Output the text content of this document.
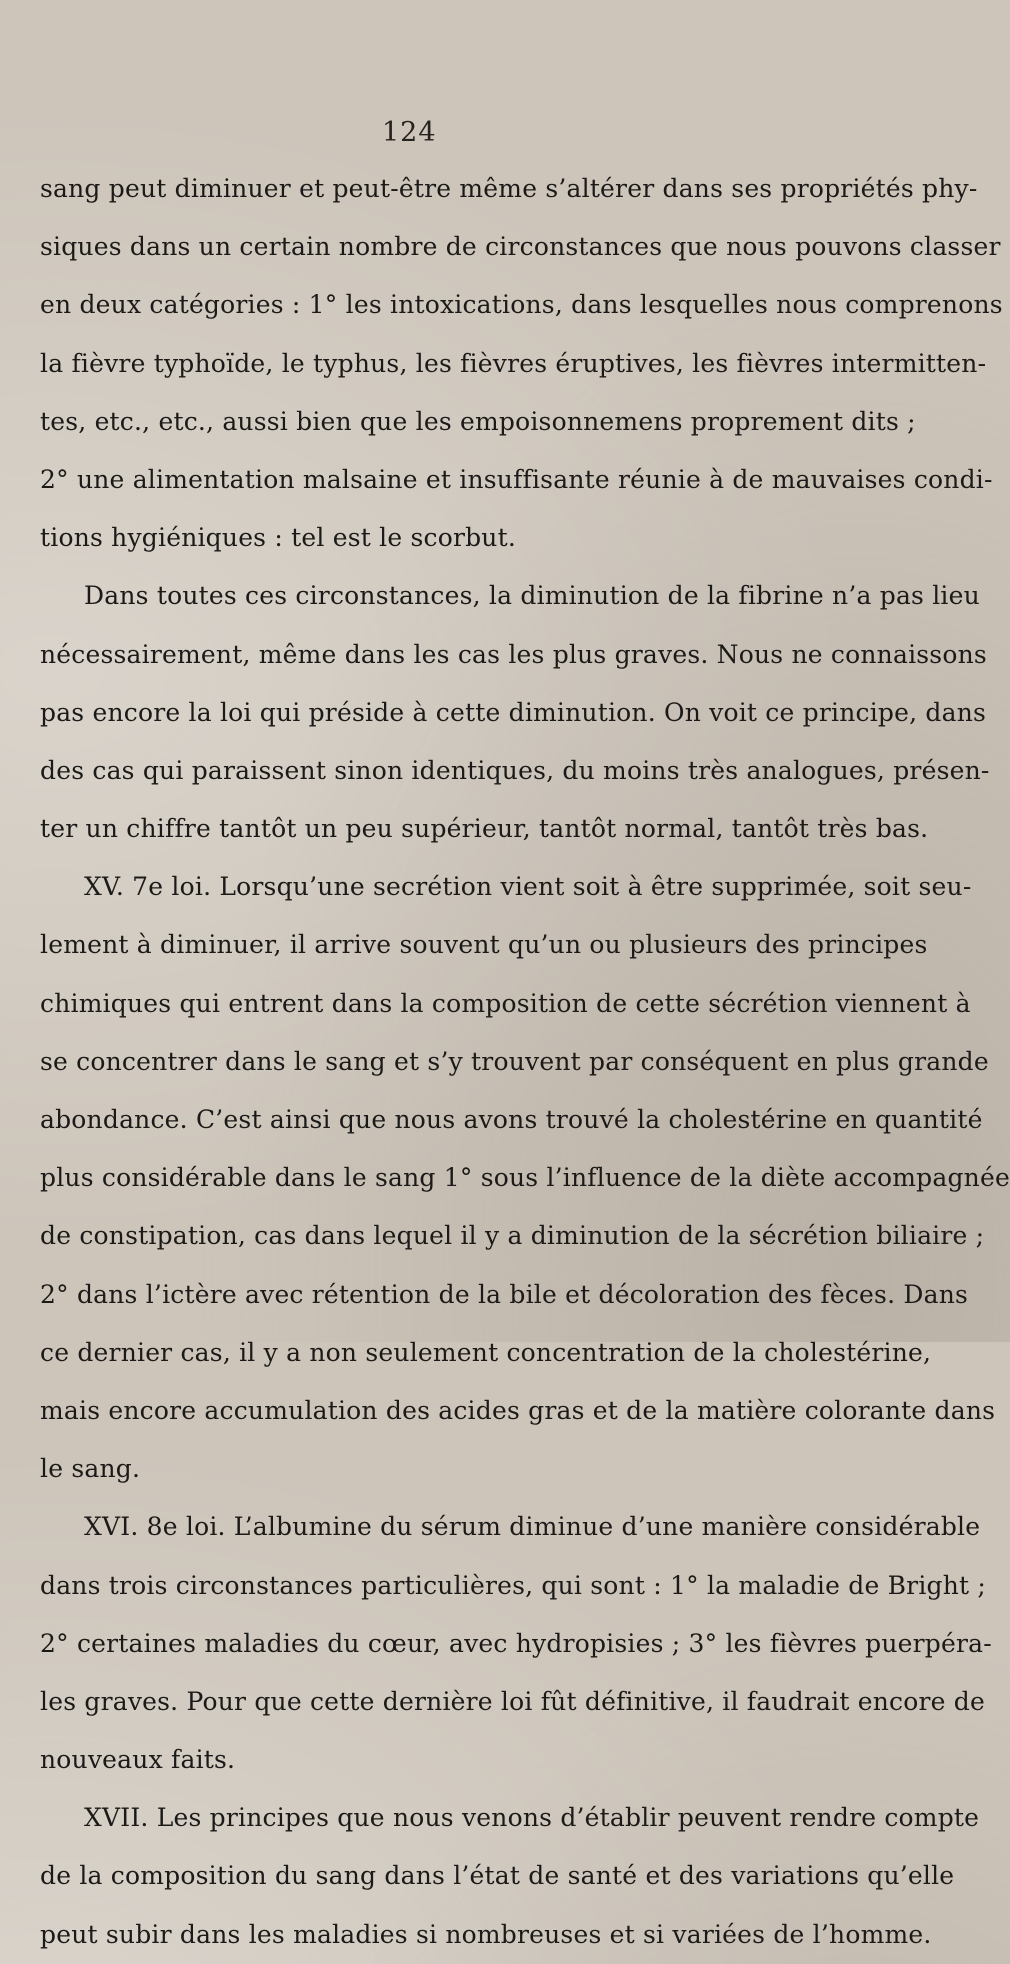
124
sang peut diminuer et peut-être même s’altérer dans ses propriétés phy-
siques dans un certain nombre de circonstances que nous pouvons classer
en deux catégories : 1° les intoxications, dans lesquelles nous comprenons
la fièvre typhoïde, le typhus, les fièvres éruptives, les fièvres intermitten-
tes, etc., etc., aussi bien que les empoisonnemens proprement dits ;
2° une alimentation malsaine et insuffisante réunie à de mauvaises condi-
tions hygiéniques : tel est le scorbut.
Dans toutes ces circonstances, la diminution de la fibrine n’a pas lieu
nécessairement, même dans les cas les plus graves. Nous ne connaissons
pas encore la loi qui préside à cette diminution. On voit ce principe, dans
des cas qui paraissent sinon identiques, du moins très analogues, présen-
ter un chiffre tantôt un peu supérieur, tantôt normal, tantôt très bas.
XV. 7e loi. Lorsqu’une secrétion vient soit à être supprimée, soit seu-
lement à diminuer, il arrive souvent qu’un ou plusieurs des principes
chimiques qui entrent dans la composition de cette sécrétion viennent à
se concentrer dans le sang et s’y trouvent par conséquent en plus grande
abondance. C’est ainsi que nous avons trouvé la cholestérine en quantité
plus considérable dans le sang 1° sous l’influence de la diète accompagnée
de constipation, cas dans lequel il y a diminution de la sécrétion biliaire ;
2° dans l’ictère avec rétention de la bile et décoloration des fèces. Dans
ce dernier cas, il y a non seulement concentration de la cholestérine,
mais encore accumulation des acides gras et de la matière colorante dans
le sang.
XVI. 8e loi. L’albumine du sérum diminue d’une manière considérable
dans trois circonstances particulières, qui sont : 1° la maladie de Bright ;
2° certaines maladies du cœur, avec hydropisies ; 3° les fièvres puerpéra-
les graves. Pour que cette dernière loi fût définitive, il faudrait encore de
nouveaux faits.
XVII. Les principes que nous venons d’établir peuvent rendre compte
de la composition du sang dans l’état de santé et des variations qu’elle
peut subir dans les maladies si nombreuses et si variées de l’homme.
